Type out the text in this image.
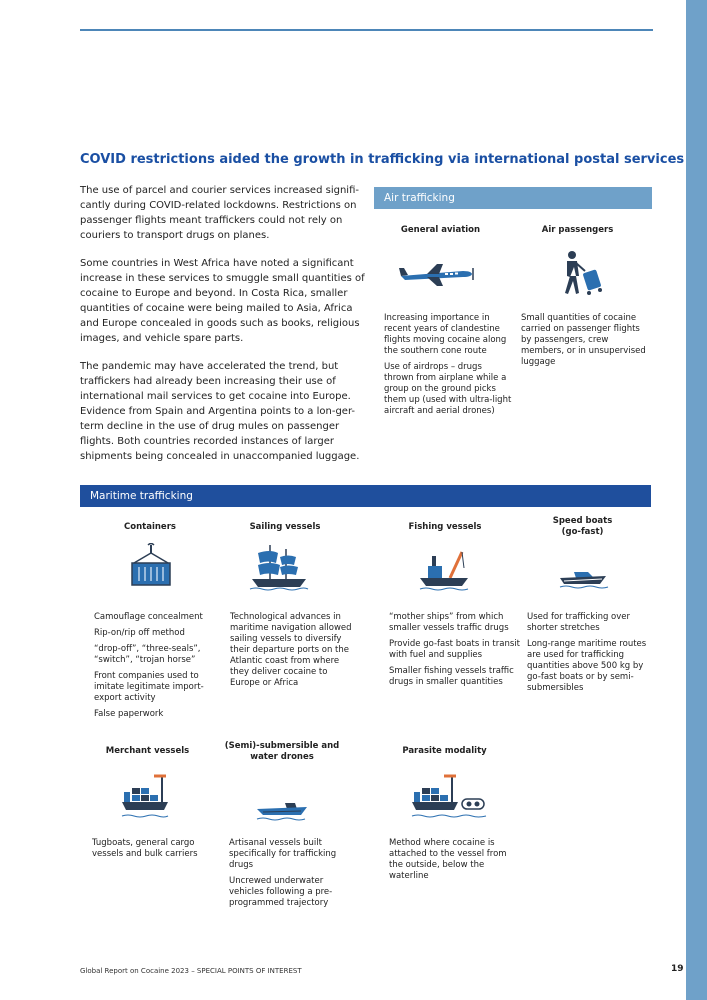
COVID restrictions aided the growth in trafficking via international postal services

The use of parcel and courier services increased signifi-cantly during COVID-related lockdowns. Restrictions on passenger flights meant traffickers could not rely on couriers to transport drugs on planes.

Some countries in West Africa have noted a significant increase in these services to smuggle small quantities of cocaine to Europe and beyond. In Costa Rica, smaller quantities of cocaine were being mailed to Asia, Africa and Europe concealed in goods such as books, religious images, and vehicle spare parts.

The pandemic may have accelerated the trend, but traffickers had already been increasing their use of international mail services to get cocaine into Europe. Evidence from Spain and Argentina points to a lon-ger-term decline in the use of drug mules on passenger flights. Both countries recorded instances of larger shipments being concealed in unaccompanied luggage.

Air trafficking
General aviation	Air passengers

Increasing importance in recent years of clandestine flights moving cocaine along the southern cone route

Use of airdrops – drugs thrown from airplane while a group on the ground picks them up (used with ultra-light aircraft and aerial drones)

Small quantities of cocaine carried on passenger flights by passengers, crew members, or in unsupervised luggage

Maritime trafficking
Containers	Sailing vessels	Fishing vessels
Speed boats (go-fast)

Camouflage concealment

Rip-on/rip off method

“drop-off”, “three-seals”, “switch”, “trojan horse”

Front companies used to imitate legitimate import-export activity

False paperwork

Technological advances in maritime navigation allowed sailing vessels to diversify their departure ports on the Atlantic coast from where they deliver cocaine to Europe or Africa

“mother ships” from which smaller vessels traffic drugs

Provide go-fast boats in transit with fuel and supplies

Smaller fishing vessels traffic drugs in smaller quantities

Used for trafficking over shorter stretches

Long-range maritime routes are used for trafficking quantities above 500 kg by go-fast boats or by semi-submersibles

Merchant vessels	(Semi)-submersible and water drones
Parasite modality

Tugboats, general cargo vessels and bulk carriers

Artisanal vessels built specifically for trafficking drugs

Uncrewed underwater vehicles following a pre-programmed trajectory

Method where cocaine is attached to the vessel from the outside, below the waterline

Global Report on Cocaine 2023 – SPECIAL POINTS OF INTEREST	19
